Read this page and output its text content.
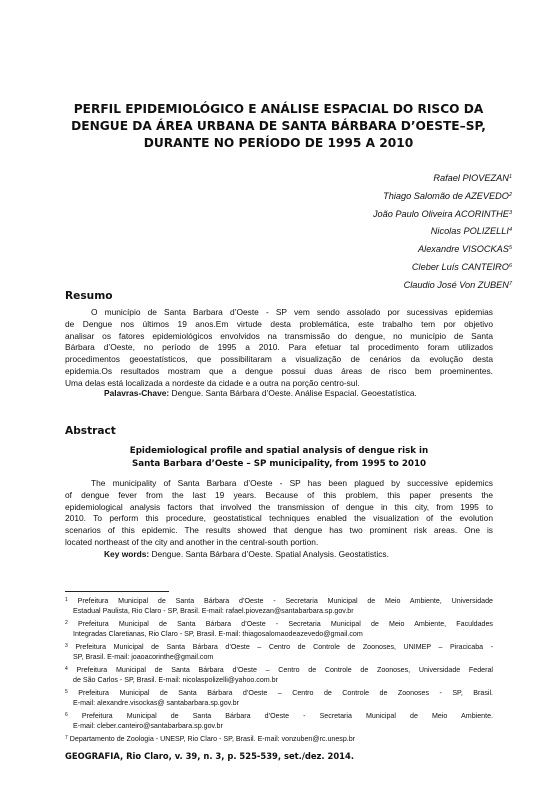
PERFIL EPIDEMIOLÓGICO E ANÁLISE ESPACIAL DO RISCO DA
DENGUE DA ÁREA URBANA DE SANTA BÁRBARA D’OESTE–SP,
DURANTE NO PERÍODO DE 1995 A 2010
Rafael PIOVEZAN$^1$
Thiago Salomão de AZEVEDO$^2$
João Paulo Oliveira ACORINTHE$^3$
Nicolas POLIZELLI$^4$
Alexandre VISOCKAS$^5$
Cleber Luís CANTEIRO$^6$
Claudio José Von ZUBEN$^7$
Resumo
O município de Santa Barbara d’Oeste - SP vem sendo assolado por sucessivas epidemias
de Dengue nos últimos 19 anos.Em virtude desta problemática, este trabalho tem por objetivo
analisar os fatores epidemiológicos envolvidos na transmissão do dengue, no município de Santa
Bárbara d’Oeste, no período de 1995 a 2010. Para efetuar tal procedimento foram utilizados
procedimentos geoestatísticos, que possibilitaram a visualização de cenários da evolução desta
epidemia.Os resultados mostram que a dengue possui duas áreas de risco bem proeminentes.
Uma delas está localizada a nordeste da cidade e a outra na porção centro-sul.
Palavras-Chave: Dengue. Santa Bárbara d’Oeste. Análise Espacial. Geoestatística.
Abstract
Epidemiological profile and spatial analysis of dengue risk in
Santa Barbara d’Oeste – SP municipality, from 1995 to 2010
The municipality of Santa Barbara d’Oeste - SP has been plagued by successive epidemics
of dengue fever from the last 19 years. Because of this problem, this paper presents the
epidemiological analysis factors that involved the transmission of dengue in this city, from 1995 to
2010. To perform this procedure, geostatistical techniques enabled the visualization of the evolution
scenarios of this epidemic. The results showed that dengue has two prominent risk areas. One is
located northeast of the city and another in the central-south portion.
Key words: Dengue. Santa Bárbara d’Oeste. Spatial Analysis. Geostatistics.
$^1$ Prefeitura Municipal de Santa Bárbara d’Oeste - Secretaria Municipal de Meio Ambiente, Universidade
Estadual Paulista, Rio Claro - SP, Brasil. E-mail: rafael.piovezan@santabarbara.sp.gov.br
$^2$ Prefeitura Municipal de Santa Bárbara d’Oeste - Secretaria Municipal de Meio Ambiente, Faculdades
Integradas Claretianas, Rio Claro - SP, Brasil. E-mail: thiagosalomaodeazevedo@gmail.com
$^3$ Prefeitura Municipal de Santa Bárbara d’Oeste – Centro de Controle de Zoonoses, UNIMEP – Piracicaba -
SP, Brasil. E-mail: joaoacorinthe@gmail.com
$^4$ Prefeitura Municipal de Santa Bárbara d’Oeste – Centro de Controle de Zoonoses, Universidade Federal
de São Carlos - SP, Brasil. E-mail: nicolaspolizelli@yahoo.com.br
$^5$ Prefeitura Municipal de Santa Bárbara d’Oeste – Centro de Controle de Zoonoses - SP, Brasil.
E-mail: alexandre.visockas@ santabarbara.sp.gov.br
$^6$ Prefeitura Municipal de Santa Bárbara d’Oeste - Secretaria Municipal de Meio Ambiente.
E-mail: cleber.canteiro@santabarbara.sp.gov.br
$^7$ Departamento de Zoologia - UNESP, Rio Claro - SP, Brasil. E-mail: vonzuben@rc.unesp.br
GEOGRAFIA, Rio Claro, v. 39, n. 3, p. 525-539, set./dez. 2014.
